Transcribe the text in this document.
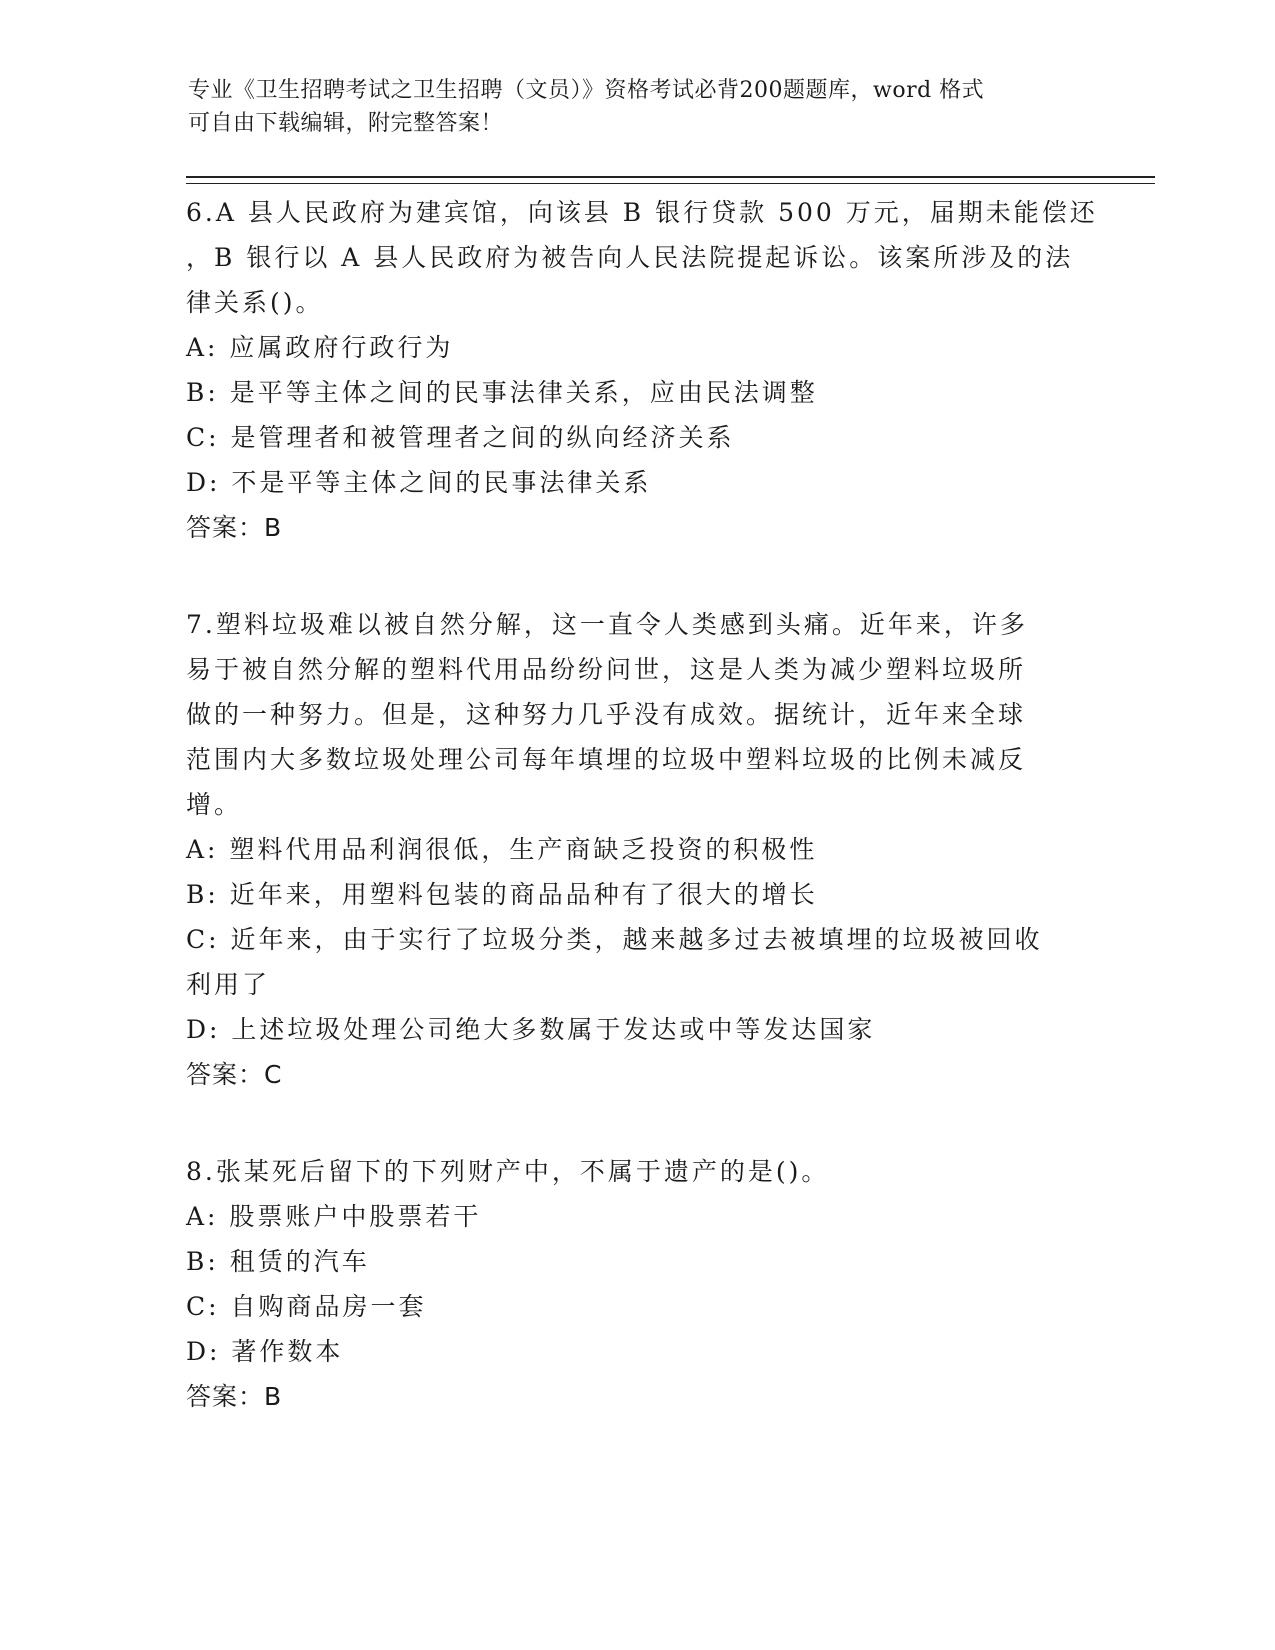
专业《卫生招聘考试之卫生招聘（文员）》资格考试必背200题题库，word 格式
可自由下载编辑，附完整答案！
6.A 县人民政府为建宾馆，向该县 B 银行贷款 500 万元，届期未能偿还
，B 银行以 A 县人民政府为被告向人民法院提起诉讼。该案所涉及的法
律关系()。
A: 应属政府行政行为
B: 是平等主体之间的民事法律关系，应由民法调整
C: 是管理者和被管理者之间的纵向经济关系
D: 不是平等主体之间的民事法律关系
答案：B
7.塑料垃圾难以被自然分解，这一直令人类感到头痛。近年来，许多
易于被自然分解的塑料代用品纷纷问世，这是人类为减少塑料垃圾所
做的一种努力。但是，这种努力几乎没有成效。据统计，近年来全球
范围内大多数垃圾处理公司每年填埋的垃圾中塑料垃圾的比例未减反
增。
A: 塑料代用品利润很低，生产商缺乏投资的积极性
B: 近年来，用塑料包装的商品品种有了很大的增长
C: 近年来，由于实行了垃圾分类，越来越多过去被填埋的垃圾被回收
利用了
D: 上述垃圾处理公司绝大多数属于发达或中等发达国家
答案：C
8.张某死后留下的下列财产中，不属于遗产的是()。
A: 股票账户中股票若干
B: 租赁的汽车
C: 自购商品房一套
D: 著作数本
答案：B
